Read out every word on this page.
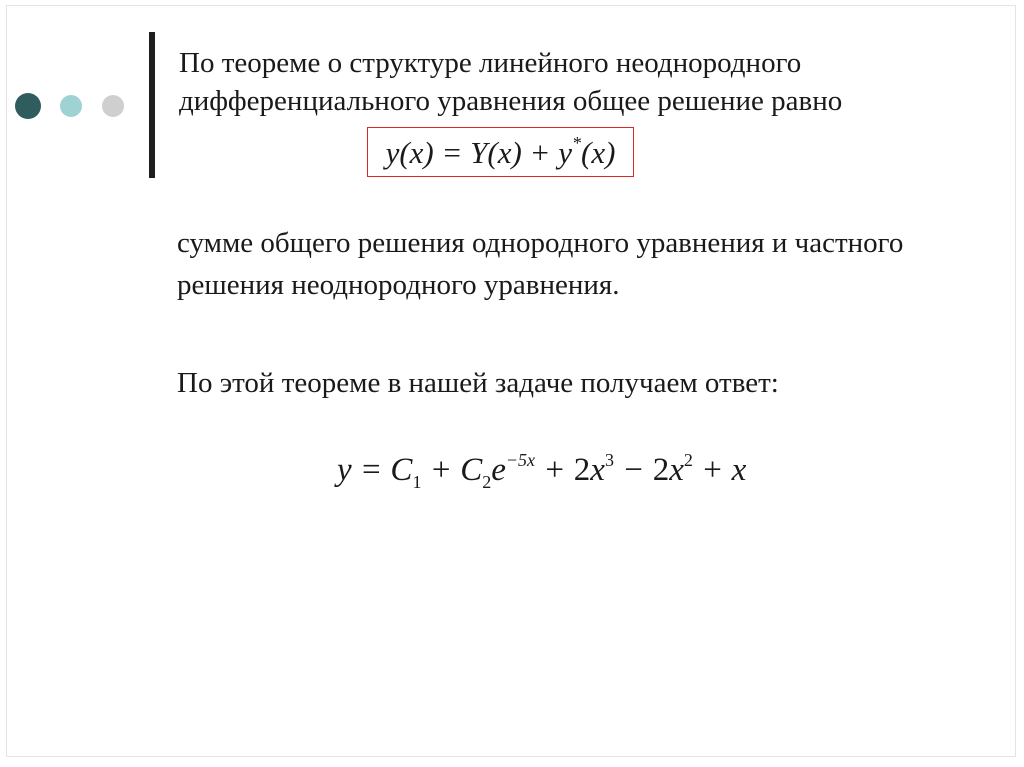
По теореме о структуре линейного неоднородного дифференциального уравнения общее решение равно
y(x) = Y(x) + y*(x)
сумме общего решения однородного уравнения и частного решения неоднородного уравнения.
По этой теореме в нашей задаче получаем ответ:
$y = C_1 + C_2e^{-5x} + 2x^3 - 2x^2 + x$
